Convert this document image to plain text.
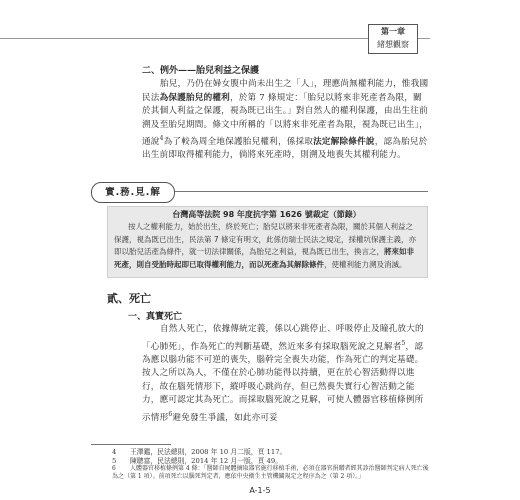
第一章
緒想觀察
二、例外——胎兒利益之保護
胎兒，乃仍在婦女腹中尚未出生之「人」，理應尚無權利能力，惟我國民法為保護胎兒的權利，於第 7 條規定：「胎兒以將來非死產者為限，關於其個人利益之保護，視為既已出生。」對自然人的權利保護，由出生往前溯及至胎兒期間。條文中所稱的「以將來非死產者為限，視為既已出生」，通說$^4$為了較為周全地保護胎兒權利，係採取法定解除條件說，認為胎兒於出生前即取得權利能力，倘將來死產時，則溯及地喪失其權利能力。
實.務.見.解
台灣高等法院 98 年度抗字第 1626 號裁定（節錄）

按人之權利能力，始於出生，終於死亡；胎兒以將來非死產者為限，關於其個人利益之保護，視為既已出生，民法第 7 條定有明文，此係仿瑞士民法之規定，採權坑保護主義，亦即以胎兒活產為條件，就一切法律關係，為胎兒之利益，視為既已出生，換言之，將來如非死產，則自受胎時起即已取得權利能力，而以死產為其解除條件，使權利能力溯及消滅。

貳、死亡
一、真實死亡
自然人死亡，依據傳統定義，係以心跳停止、呼吸停止及瞳孔放大的「心肺死」，作為死亡的判斷基礎，然近來多有採取腦死說之見解者$^5$，認為應以腦功能不可逆的喪失，腦幹完全喪失功能，作為死亡的判定基礎。按人之所以為人，不僅在於心肺功能得以持續，更在於心智活動得以進行，故在腦死情形下，縱呼吸心跳尚存，但已然喪失實行心智活動之能力，應可認定其為死亡。而採取腦死說之見解，可使人體器官移植條例所示情形$^6$避免發生爭議，如此亦可妥
4 王澤鑑，民法總則，2008 年 10 月二版，頁 117。
5 陳聰富，民法總則，2014 年 12 月一版，頁 49。
6 人體器官移植條例第 4 條：「醫師自屍體摘取器官施行移植手術，必須在器官捐贈者經其診治醫師判定病人死亡後為之（第 1 項）。前項死亡以腦死判定者，應依中央衛生主管機關規定之程序為之（第 2 項）。」
A-1-5
